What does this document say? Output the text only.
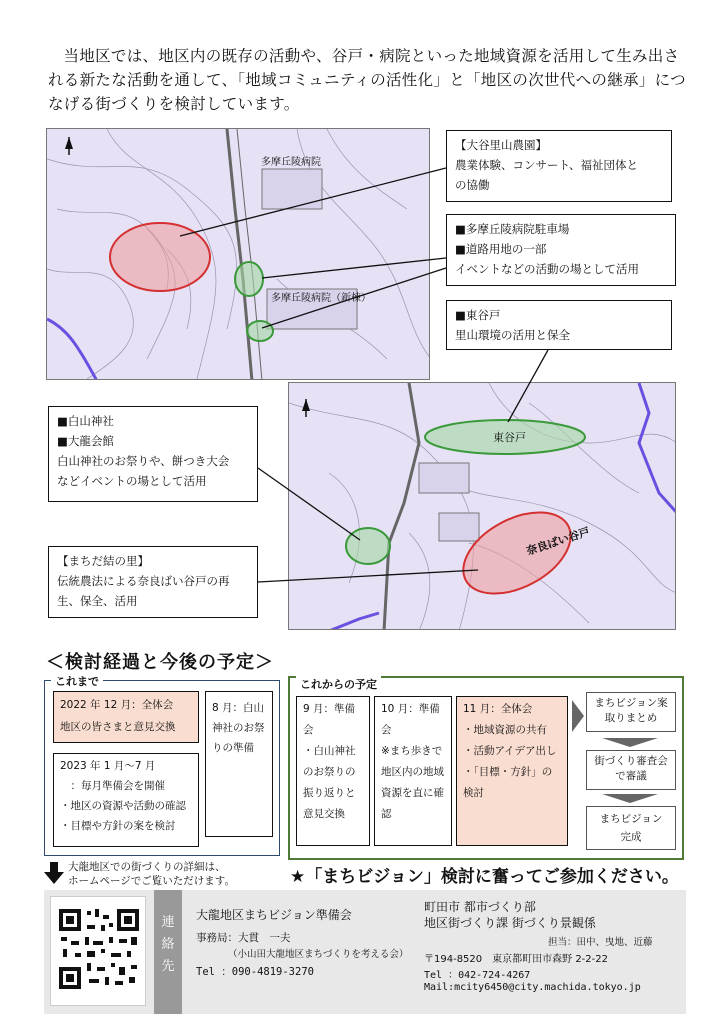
当地区では、地区内の既存の活動や、谷戸・病院といった地域資源を活用して生み出される新たな活動を通して、「地域コミュニティの活性化」と「地区の次世代への継承」につなげる街づくりを検討しています。
多摩丘陵病院
多摩丘陵病院（新棟）
東谷戸
奈良ばい谷戸
【大谷里山農園】
農業体験、コンサート、福祉団体と
の協働
■多摩丘陵病院駐車場
■道路用地の一部
イベントなどの活動の場として活用
■東谷戸
里山環境の活用と保全
■白山神社
■大龍会館
白山神社のお祭りや、餅つき大会
などイベントの場として活用
【まちだ結の里】
伝統農法による奈良ばい谷戸の再
生、保全、活用
＜検討経過と今後の予定＞
これまで
2022 年 12 月：全体会
地区の皆さまと意見交換
8 月：白山
神社のお祭
りの準備
2023 年 1 月～7 月
　：毎月準備会を開催
・地区の資源や活動の確認
・目標や方針の案を検討
これからの予定
9 月：準備会
・白山神社
のお祭りの
振り返りと
意見交換
10 月：準備会
※まち歩きで
地区内の地域
資源を直に確
認
11 月：全体会
・地域資源の共有
・活動アイデア出し
・「目標・方針」の
検討
まちビジョン案
取りまとめ
街づくり審査会
で審議
まちビジョン
完成
大龍地区での街づくりの詳細は、
ホームページでご覧いただけます。	★「まちビジョン」検討に奮ってご参加ください。
連
絡
先
大龍地区まちビジョン準備会
事務局：大貫　一夫
（小山田大龍地区まちづくりを考える会）
Tel ：090-4819-3270
町田市 都市づくり部
地区街づくり課 街づくり景観係
担当：田中、曳地、近藤
〒194-8520　東京都町田市森野 2-2-22
Tel ：042-724-4267
Mail:mcity6450@city.machida.tokyo.jp
